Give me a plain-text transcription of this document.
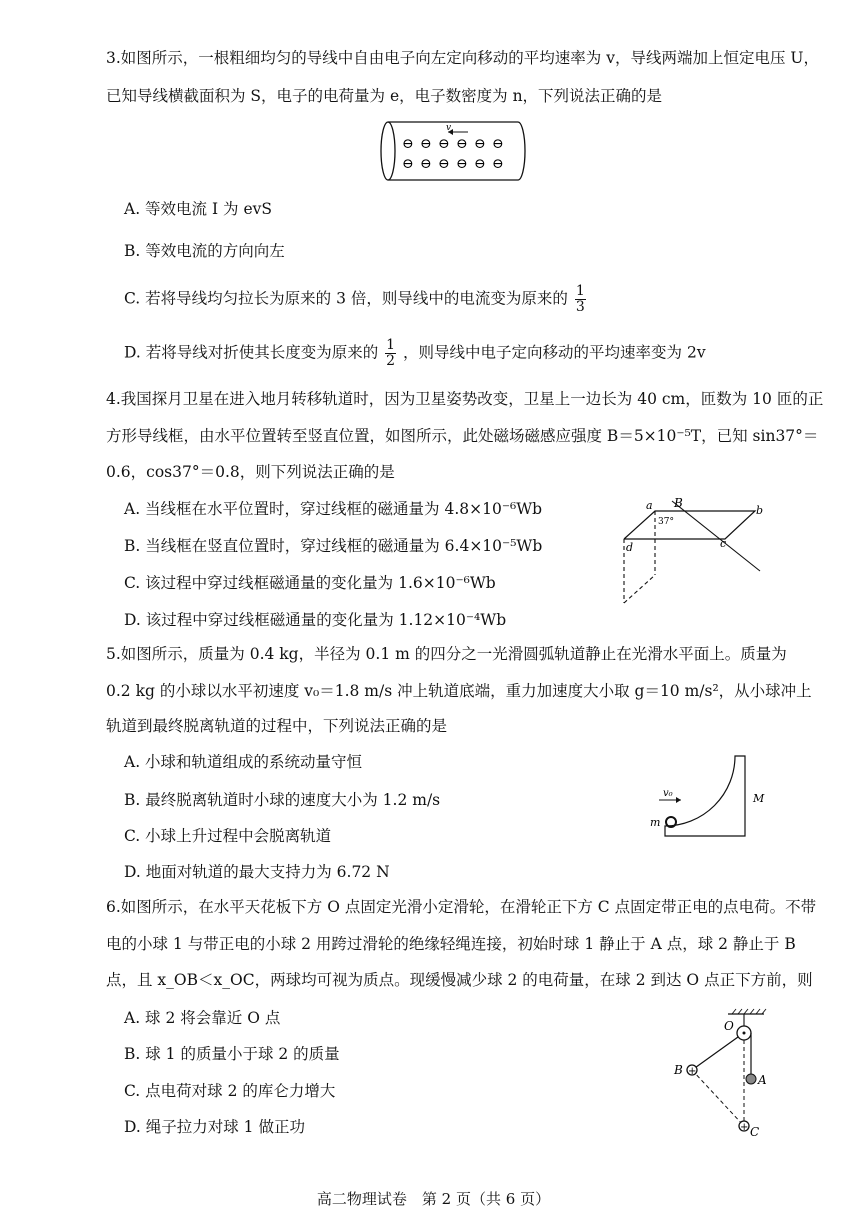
3.如图所示，一根粗细均匀的导线中自由电子向左定向移动的平均速率为 v，导线两端加上恒定电压 U，
已知导线横截面积为 S，电子的电荷量为 e，电子数密度为 n，下列说法正确的是
v
⊖ ⊖ ⊖ ⊖ ⊖ ⊖
⊖ ⊖ ⊖ ⊖ ⊖ ⊖
A. 等效电流 I 为 evS
B. 等效电流的方向向左
C. 若将导线均匀拉长为原来的 3 倍，则导线中的电流变为原来的 $\frac{1}{3}$
D. 若将导线对折使其长度变为原来的 $\frac{1}{2}$ ，则导线中电子定向移动的平均速率变为 2v
4.我国探月卫星在进入地月转移轨道时，因为卫星姿势改变，卫星上一边长为 40 cm，匝数为 10 匝的正
方形导线框，由水平位置转至竖直位置，如图所示，此处磁场磁感应强度 B＝5×10⁻⁵T，已知 sin37°＝
0.6，cos37°＝0.8，则下列说法正确的是
A. 当线框在水平位置时，穿过线框的磁通量为 4.8×10⁻⁶Wb
B. 当线框在竖直位置时，穿过线框的磁通量为 6.4×10⁻⁵Wb
C. 该过程中穿过线框磁通量的变化量为 1.6×10⁻⁶Wb
D. 该过程中穿过线框磁通量的变化量为 1.12×10⁻⁴Wb
a B
b
c
d
37°
5.如图所示，质量为 0.4 kg，半径为 0.1 m 的四分之一光滑圆弧轨道静止在光滑水平面上。质量为
0.2 kg 的小球以水平初速度 v₀＝1.8 m/s 冲上轨道底端，重力加速度大小取 g＝10 m/s²，从小球冲上
轨道到最终脱离轨道的过程中，下列说法正确的是
A. 小球和轨道组成的系统动量守恒
B. 最终脱离轨道时小球的速度大小为 1.2 m/s
C. 小球上升过程中会脱离轨道
D. 地面对轨道的最大支持力为 6.72 N
v₀
m
M
6.如图所示，在水平天花板下方 O 点固定光滑小定滑轮，在滑轮正下方 C 点固定带正电的点电荷。不带
电的小球 1 与带正电的小球 2 用跨过滑轮的绝缘轻绳连接，初始时球 1 静止于 A 点，球 2 静止于 B
点，且 x_OB＜x_OC，两球均可视为质点。现缓慢减少球 2 的电荷量，在球 2 到达 O 点正下方前，则
A. 球 2 将会靠近 O 点
B. 球 1 的质量小于球 2 的质量
C. 点电荷对球 2 的库仑力增大
D. 绳子拉力对球 1 做正功
+
+
O
B
A
C
高二物理试卷　第 2 页（共 6 页）
